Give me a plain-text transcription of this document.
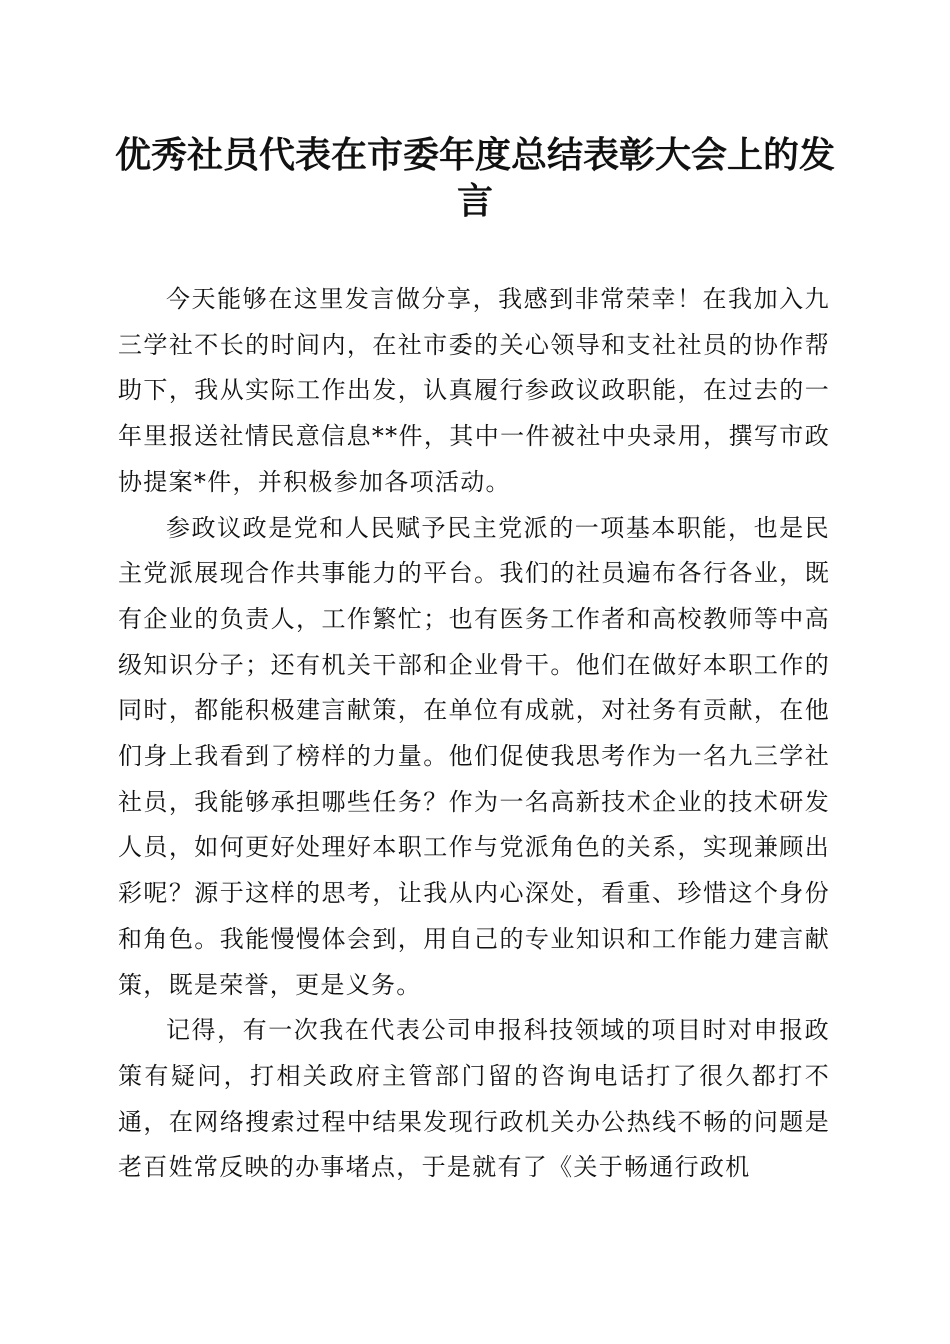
优秀社员代表在市委年度总结表彰大会上的发言

今天能够在这里发言做分享，我感到非常荣幸！在我加入九三学社不长的时间内，在社市委的关心领导和支社社员的协作帮助下，我从实际工作出发，认真履行参政议政职能，在过去的一年里报送社情民意信息**件，其中一件被社中央录用，撰写市政协提案*件，并积极参加各项活动。

参政议政是党和人民赋予民主党派的一项基本职能，也是民主党派展现合作共事能力的平台。我们的社员遍布各行各业，既有企业的负责人，工作繁忙；也有医务工作者和高校教师等中高级知识分子；还有机关干部和企业骨干。他们在做好本职工作的同时，都能积极建言献策，在单位有成就，对社务有贡献，在他们身上我看到了榜样的力量。他们促使我思考作为一名九三学社社员，我能够承担哪些任务？作为一名高新技术企业的技术研发人员，如何更好处理好本职工作与党派角色的关系，实现兼顾出彩呢？源于这样的思考，让我从内心深处，看重、珍惜这个身份和角色。我能慢慢体会到，用自己的专业知识和工作能力建言献策，既是荣誉，更是义务。

记得，有一次我在代表公司申报科技领域的项目时对申报政策有疑问，打相关政府主管部门留的咨询电话打了很久都打不通，在网络搜索过程中结果发现行政机关办公热线不畅的问题是老百姓常反映的办事堵点，于是就有了《关于畅通行政机
